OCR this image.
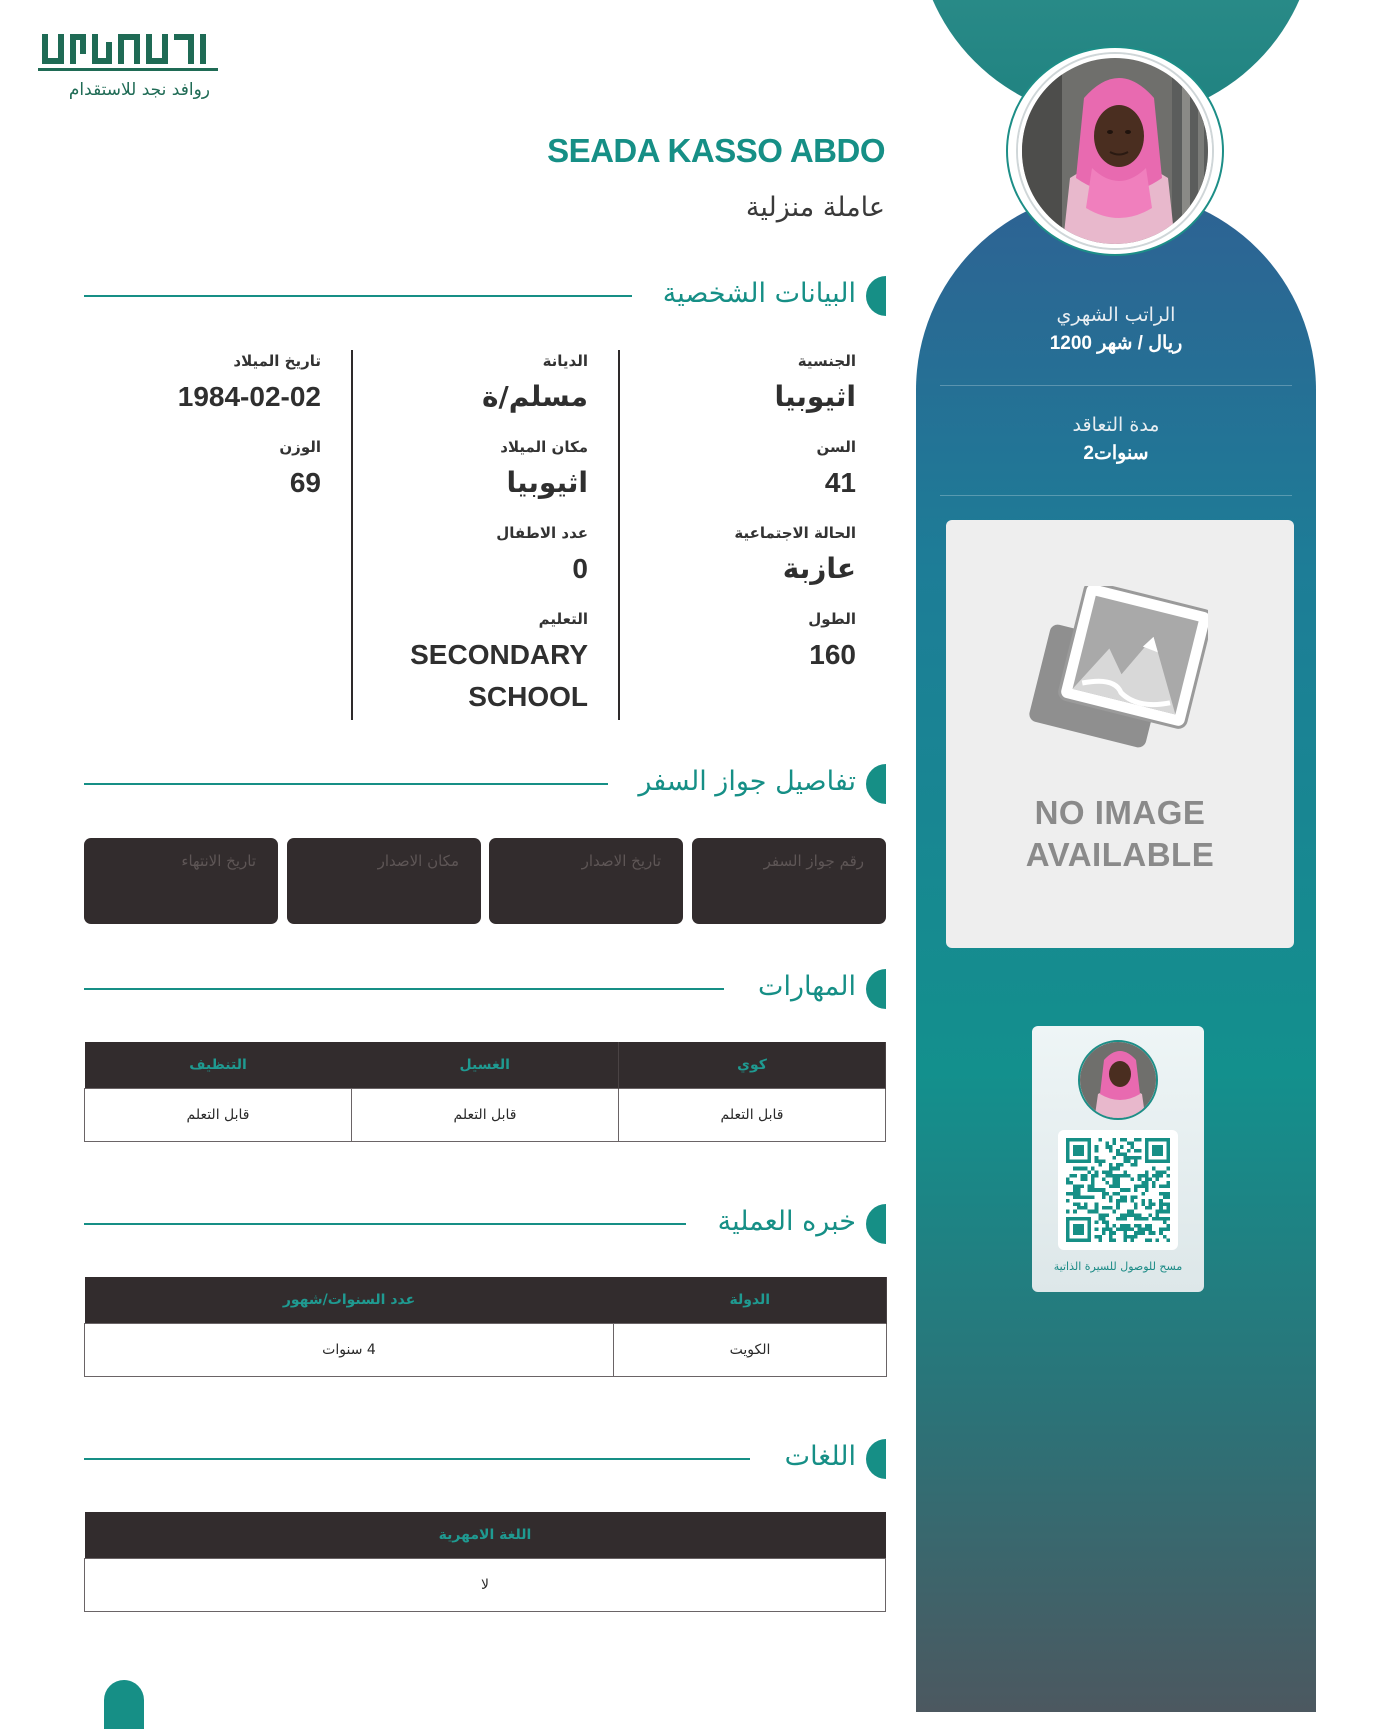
الراتب الشهري
1200 ريال / شهر
مدة التعاقد
2سنوات
NO IMAGE
AVAILABLE
مسح للوصول للسيرة الذاتية
روافد نجد للاستقدام
SEADA KASSO ABDO
عاملة منزلية
البيانات الشخصية
الجنسية
اثيوبيا
السن
41
الحالة الاجتماعية
عازبة
الطول
160
الديانة
مسلم/ة
مكان الميلاد
اثيوبيا
عدد الاطفال
0
التعليم
SECONDARY
SCHOOL
تاريخ الميلاد
1984-02-02
الوزن
69
تفاصيل جواز السفر
رقم جواز السفر
تاريخ الاصدار
مكان الاصدار
تاريخ الانتهاء
المهارات
كوي	الغسيل	التنظيف
قابل التعلم	قابل التعلم	قابل التعلم
خبره العملية
الدولة	عدد السنوات/شهور
الكويت	4 سنوات
اللغات
اللغة الامهرية
لا
